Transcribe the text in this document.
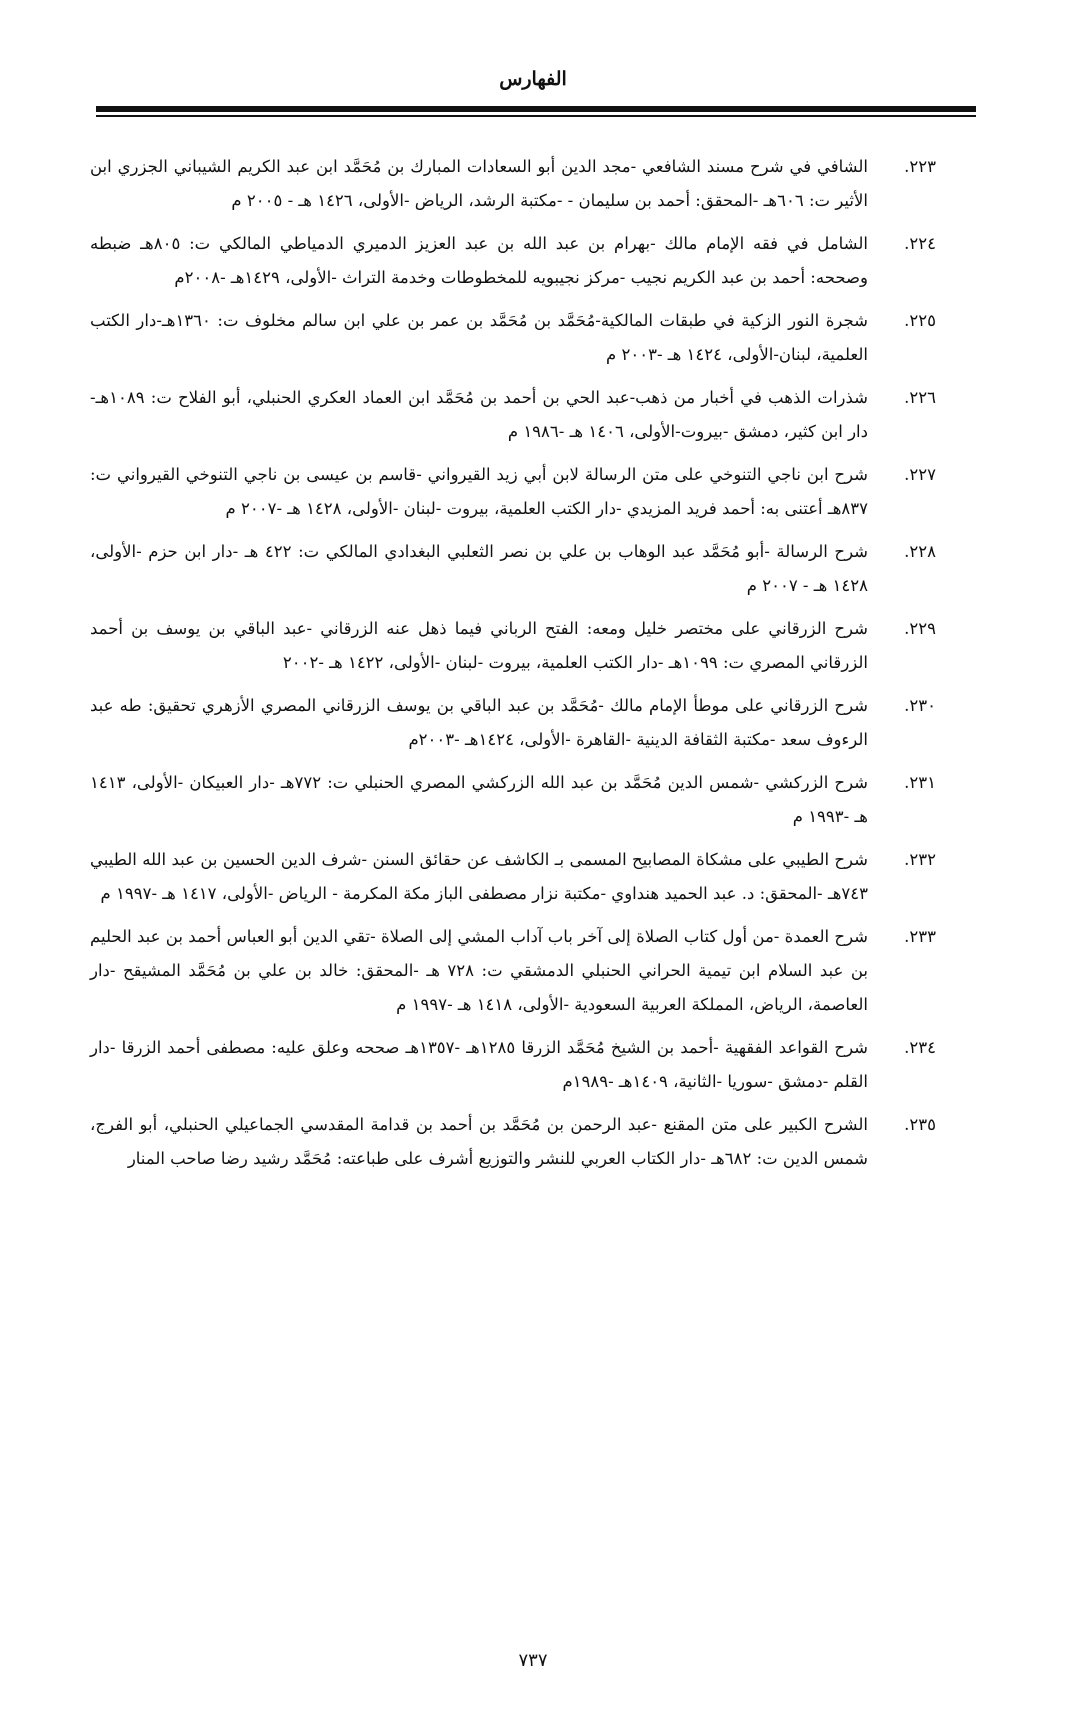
الفهارس
٢٢٣.
الشافي في شرح مسند الشافعي -مجد الدين أبو السعادات المبارك بن مُحَمَّد ابن عبد الكريم الشيباني الجزري ابن الأثير ت: ٦٠٦هـ -المحقق: أحمد بن سليمان - -مكتبة الرشد، الرياض -الأولى، ١٤٢٦ هـ - ٢٠٠٥ م
٢٢٤.
الشامل في فقه الإمام مالك -بهرام بن عبد الله بن عبد العزيز الدميري الدمياطي المالكي ت: ٨٠٥هـ ضبطه وصححه: أحمد بن عبد الكريم نجيب -مركز نجيبويه للمخطوطات وخدمة التراث -الأولى، ١٤٢٩هـ -٢٠٠٨م
٢٢٥.
شجرة النور الزكية في طبقات المالكية-مُحَمَّد بن مُحَمَّد بن عمر بن علي ابن سالم مخلوف ت: ١٣٦٠هـ-دار الكتب العلمية، لبنان-الأولى، ١٤٢٤ هـ -٢٠٠٣ م
٢٢٦.
شذرات الذهب في أخبار من ذهب-عبد الحي بن أحمد بن مُحَمَّد ابن العماد العكري الحنبلي، أبو الفلاح ت: ١٠٨٩هـ-دار ابن كثير، دمشق -بيروت-الأولى، ١٤٠٦ هـ -١٩٨٦ م
٢٢٧.
شرح ابن ناجي التنوخي على متن الرسالة لابن أبي زيد القيرواني -قاسم بن عيسى بن ناجي التنوخي القيرواني ت: ٨٣٧هـ أعتنى به: أحمد فريد المزيدي -دار الكتب العلمية، بيروت -لبنان -الأولى، ١٤٢٨ هـ -٢٠٠٧ م
٢٢٨.
شرح الرسالة -أبو مُحَمَّد عبد الوهاب بن علي بن نصر الثعلبي البغدادي المالكي ت: ٤٢٢ هـ -دار ابن حزم -الأولى، ١٤٢٨ هـ - ٢٠٠٧ م
٢٢٩.
شرح الزرقاني على مختصر خليل ومعه: الفتح الرباني فيما ذهل عنه الزرقاني -عبد الباقي بن يوسف بن أحمد الزرقاني المصري ت: ١٠٩٩هـ -دار الكتب العلمية، بيروت -لبنان -الأولى، ١٤٢٢ هـ -٢٠٠٢
٢٣٠.
شرح الزرقاني على موطأ الإمام مالك -مُحَمَّد بن عبد الباقي بن يوسف الزرقاني المصري الأزهري تحقيق: طه عبد الرءوف سعد -مكتبة الثقافة الدينية -القاهرة -الأولى، ١٤٢٤هـ -٢٠٠٣م
٢٣١.
شرح الزركشي -شمس الدين مُحَمَّد بن عبد الله الزركشي المصري الحنبلي ت: ٧٧٢هـ -دار العبيكان -الأولى، ١٤١٣ هـ -١٩٩٣ م
٢٣٢.
شرح الطيبي على مشكاة المصابيح المسمى بـ الكاشف عن حقائق السنن -شرف الدين الحسين بن عبد الله الطيبي ٧٤٣هـ -المحقق: د. عبد الحميد هنداوي -مكتبة نزار مصطفى الباز مكة المكرمة - الرياض -الأولى، ١٤١٧ هـ -١٩٩٧ م
٢٣٣.
شرح العمدة -من أول كتاب الصلاة إلى آخر باب آداب المشي إلى الصلاة -تقي الدين أبو العباس أحمد بن عبد الحليم بن عبد السلام ابن تيمية الحراني الحنبلي الدمشقي ت: ٧٢٨ هـ -المحقق: خالد بن علي بن مُحَمَّد المشيقح -دار العاصمة، الرياض، المملكة العربية السعودية -الأولى، ١٤١٨ هـ -١٩٩٧ م
٢٣٤.
شرح القواعد الفقهية -أحمد بن الشيخ مُحَمَّد الزرقا ١٢٨٥هـ -١٣٥٧هـ صححه وعلق عليه: مصطفى أحمد الزرقا -دار القلم -دمشق -سوريا -الثانية، ١٤٠٩هـ -١٩٨٩م
٢٣٥.
الشرح الكبير على متن المقنع -عبد الرحمن بن مُحَمَّد بن أحمد بن قدامة المقدسي الجماعيلي الحنبلي، أبو الفرج، شمس الدين ت: ٦٨٢هـ -دار الكتاب العربي للنشر والتوزيع أشرف على طباعته: مُحَمَّد رشيد رضا صاحب المنار
٧٣٧
